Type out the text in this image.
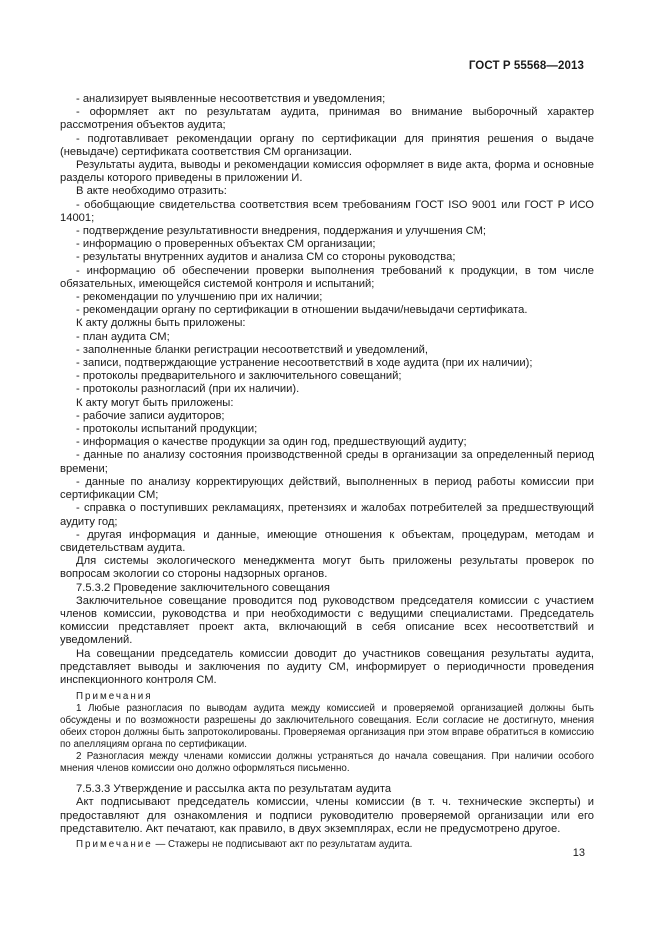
ГОСТ Р 55568—2013

- анализирует выявленные несоответствия и уведомления;

- оформляет акт по результатам аудита, принимая во внимание выборочный характер рассмотрения объектов аудита;

- подготавливает рекомендации органу по сертификации для принятия решения о выдаче (невыдаче) сертификата соответствия СМ организации.

Результаты аудита, выводы и рекомендации комиссия оформляет в виде акта, форма и основные разделы которого приведены в приложении И.

В акте необходимо отразить:

- обобщающие свидетельства соответствия всем требованиям ГОСТ ISO 9001 или ГОСТ Р ИСО 14001;

- подтверждение результативности внедрения, поддержания и улучшения СМ;

- информацию о проверенных объектах СМ организации;

- результаты внутренних аудитов и анализа СМ со стороны руководства;

- информацию об обеспечении проверки выполнения требований к продукции, в том числе обязательных, имеющейся системой контроля и испытаний;

- рекомендации по улучшению при их наличии;

- рекомендации органу по сертификации в отношении выдачи/невыдачи сертификата.

К акту должны быть приложены:

- план аудита СМ;

- заполненные бланки регистрации несоответствий и уведомлений,

- записи, подтверждающие устранение несоответствий в ходе аудита (при их наличии);

- протоколы предварительного и заключительного совещаний;

- протоколы разногласий (при их наличии).

К акту могут быть приложены:

- рабочие записи аудиторов;

- протоколы испытаний продукции;

- информация о качестве продукции за один год, предшествующий аудиту;

- данные по анализу состояния производственной среды в организации за определенный период времени;

- данные по анализу корректирующих действий, выполненных в период работы комиссии при сертификации СМ;

- справка о поступивших рекламациях, претензиях и жалобах потребителей за предшествующий аудиту год;

- другая информация и данные, имеющие отношения к объектам, процедурам, методам и свидетельствам аудита.

Для системы экологического менеджмента могут быть приложены результаты проверок по вопросам экологии со стороны надзорных органов.

7.5.3.2 Проведение заключительного совещания

Заключительное совещание проводится под руководством председателя комиссии с участием членов комиссии, руководства и при необходимости с ведущими специалистами. Председатель комиссии представляет проект акта, включающий в себя описание всех несоответствий и уведомлений.

На совещании председатель комиссии доводит до участников совещания результаты аудита, представляет выводы и заключения по аудиту СМ, информирует о периодичности проведения инспекционного контроля СМ.

Примечания

1 Любые разногласия по выводам аудита между комиссией и проверяемой организацией должны быть обсуждены и по возможности разрешены до заключительного совещания. Если согласие не достигнуто, мнения обеих сторон должны быть запротоколированы. Проверяемая организация при этом вправе обратиться в комиссию по апелляциям органа по сертификации.

2 Разногласия между членами комиссии должны устраняться до начала совещания. При наличии особого мнения членов комиссии оно должно оформляться письменно.

7.5.3.3 Утверждение и рассылка акта по результатам аудита

Акт подписывают председатель комиссии, члены комиссии (в т. ч. технические эксперты) и предоставляют для ознакомления и подписи руководителю проверяемой организации или его представителю. Акт печатают, как правило, в двух экземплярах, если не предусмотрено другое.

Примечание — Стажеры не подписывают акт по результатам аудита.

13
